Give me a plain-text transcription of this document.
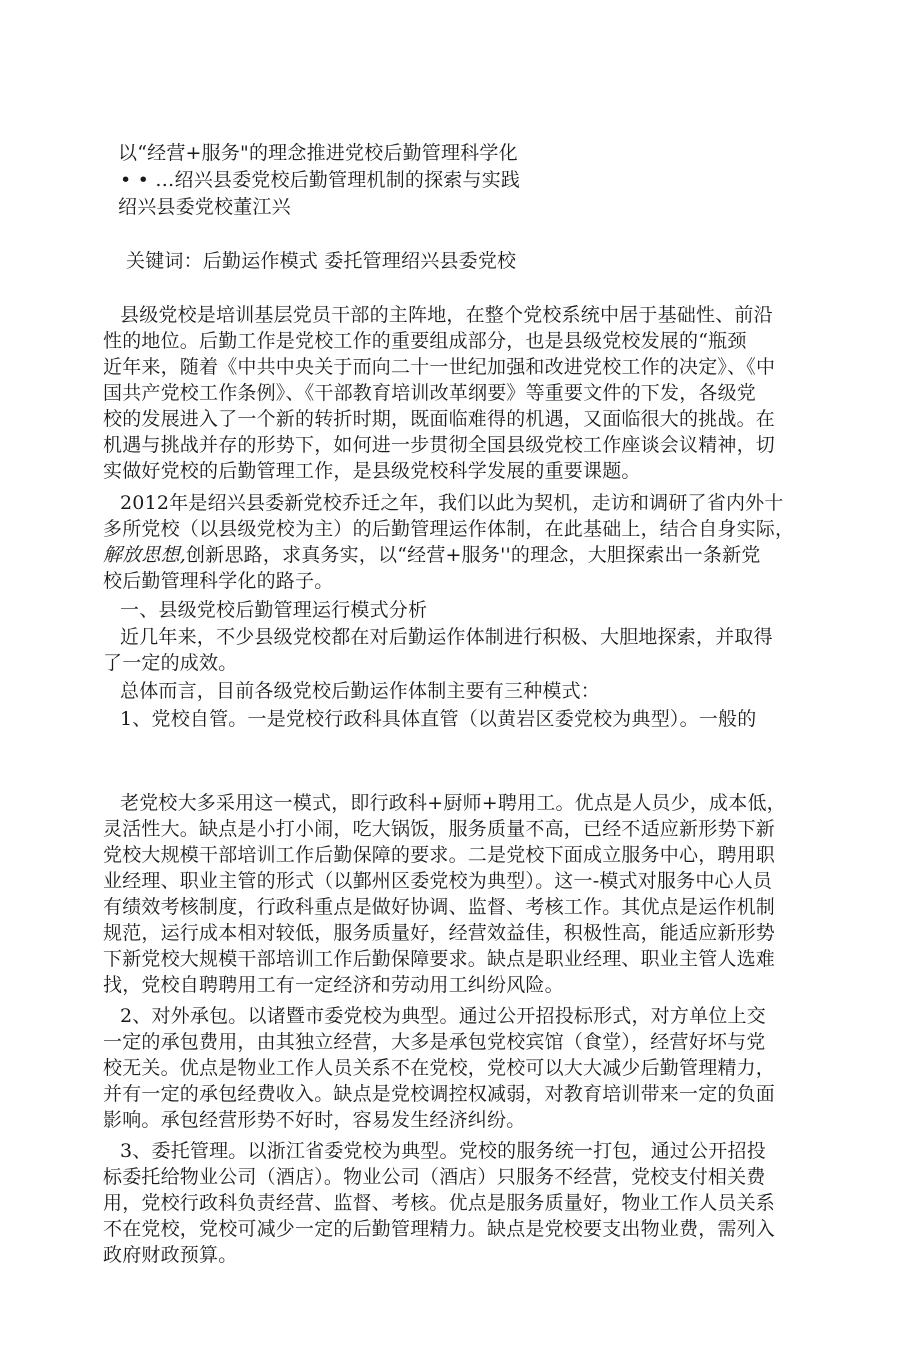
以“经营+服务"的理念推进党校后勤管理科学化
• • …绍兴县委党校后勤管理机制的探索与实践
绍兴县委党校董江兴
关键词：后勤运作模式 委托管理绍兴县委党校
县级党校是培训基层党员干部的主阵地，在整个党校系统中居于基础性、前沿
性的地位。后勤工作是党校工作的重要组成部分，也是县级党校发展的“瓶颈
近年来，随着《中共中央关于而向二十一世纪加强和改进党校工作的决定》、《中
国共产党校工作条例》、《干部教育培训改革纲要》等重要文件的下发，各级党
校的发展进入了一个新的转折时期，既面临难得的机遇，又面临很大的挑战。在
机遇与挑战并存的形势下，如何进一步贯彻全国县级党校工作座谈会议精神，切
实做好党校的后勤管理工作，是县级党校科学发展的重要课题。
2012年是绍兴县委新党校乔迁之年，我们以此为契机，走访和调研了省内外十
多所党校（以县级党校为主）的后勤管理运作体制，在此基础上，结合自身实际，
解放思想,创新思路，求真务实，以“经营+服务''的理念，大胆探索出一条新党
校后勤管理科学化的路子。
一、县级党校后勤管理运行模式分析
近几年来，不少县级党校都在对后勤运作体制进行积极、大胆地探索，并取得
了一定的成效。
总体而言，目前各级党校后勤运作体制主要有三种模式：
1、党校自管。一是党校行政科具体直管（以黄岩区委党校为典型）。一般的
老党校大多采用这一模式，即行政科+厨师+聘用工。优点是人员少，成本低，
灵活性大。缺点是小打小闹，吃大锅饭，服务质量不高，已经不适应新形势下新
党校大规模干部培训工作后勤保障的要求。二是党校下面成立服务中心，聘用职
业经理、职业主管的形式（以鄞州区委党校为典型）。这一-模式对服务中心人员
有绩效考核制度，行政科重点是做好协调、监督、考核工作。其优点是运作机制
规范，运行成本相对较低，服务质量好，经营效益佳，积极性高，能适应新形势
下新党校大规模干部培训工作后勤保障要求。缺点是职业经理、职业主管人选难
找，党校自聘聘用工有一定经济和劳动用工纠纷风险。
2、对外承包。以诸暨市委党校为典型。通过公开招投标形式，对方单位上交
一定的承包费用，由其独立经营，大多是承包党校宾馆（食堂），经营好坏与党
校无关。优点是物业工作人员关系不在党校，党校可以大大减少后勤管理精力，
并有一定的承包经费收入。缺点是党校调控权减弱，对教育培训带来一定的负面
影响。承包经营形势不好时，容易发生经济纠纷。
3、委托管理。以浙江省委党校为典型。党校的服务统一打包，通过公开招投
标委托给物业公司（酒店）。物业公司（酒店）只服务不经营，党校支付相关费
用，党校行政科负责经营、监督、考核。优点是服务质量好，物业工作人员关系
不在党校，党校可减少一定的后勤管理精力。缺点是党校要支出物业费，需列入
政府财政预算。
